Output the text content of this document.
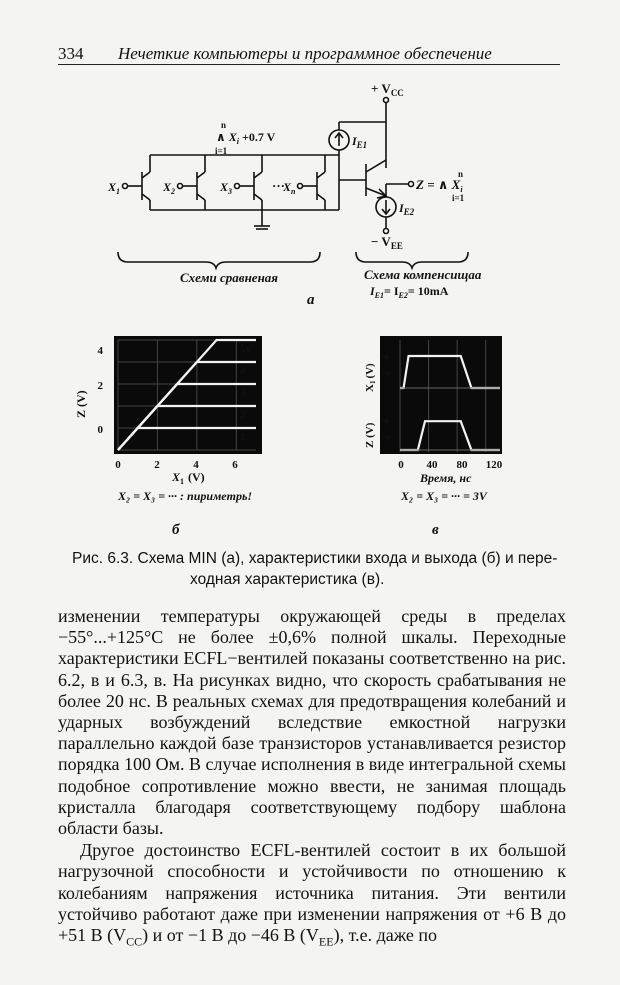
334 Нечеткие компьютеры и программное обеспечение
+ $V_{CC}$
$I_{E1}$
$I_{E2}$
− $V_{EE}$
n
∧ $X_i +0.7$ V
i=1
$X_1$	$X_2$	$X_3$	···
$X_n$
n
Z = ∧ $X_i$
i=1
Схеми сравненая	Схема компенсищаа
$I_{E1}= I_{E2}= 10mA$
а
1
2
3
4
5v
Z (V)
4
2
0
0	2	4	6
$X_1$ (V)
X₂ = X₃ = ··· : пиримeтрь!
б
X1(V)
Z (V)
4
2
4
2
0 40 80 120
Время, нс
X₂ = X₃ = ··· = 3V
в
Рис. 6.3. Схема MIN (а), характеристики входа и выхода (б) и пере-
ходная характеристика (в).

изменении температуры окружающей среды в пределах −55°...+125°C не более ±0,6% полной шкалы. Переходные характеристики ECFL−вентилей показаны соответственно на рис. 6.2, в и 6.3, в. На рисунках видно, что скорость срабатывания не более 20 нс. В реальных схемах для предотвращения колебаний и ударных возбуждений вследствие емкостной нагрузки параллельно каждой базе транзисторов устанавливается резистор порядка 100 Ом. В случае исполнения в виде интегральной схемы подобное сопротивление можно ввести, не занимая площадь кристалла благодаря соответствующему подбору шаблона области базы.

Другое достоинство ECFL-вентилей состоит в их большой нагрузочной способности и устойчивости по отношению к колебаниям напряжения источника питания. Эти вентили устойчиво работают даже при изменении напряжения от +6 В до +51 В $(V_{CC})$ и от −1 В до −46 В $(V_{EE})$, т.е. даже по
